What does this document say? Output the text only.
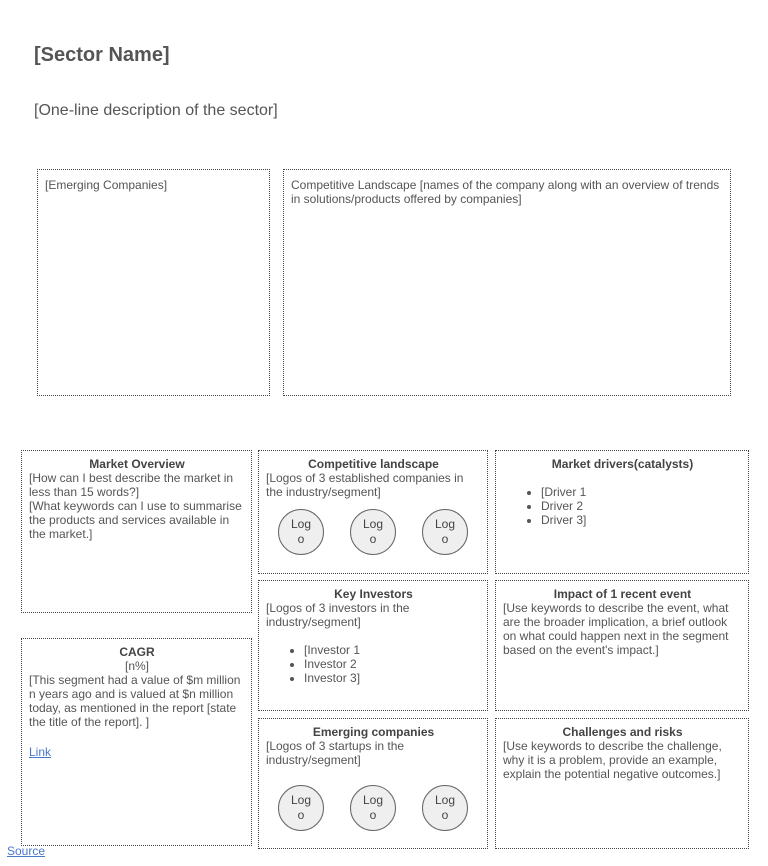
[Sector Name]
[One-line description of the sector]
[Emerging Companies]	Competitive Landscape [names of the company along with an overview of trends in solutions/products offered by companies]
Market Overview

[How can I best describe the market in less than 15 words?]

[What keywords can I use to summarise the products and services available in the market.]

CAGR
[n%]

[This segment had a value of $m million n years ago and is valued at $n million today, as mentioned in the report [state the title of the report]. ]

Link
Competitive landscape

[Logos of 3 established companies in the industry/segment]

Logo
Logo
Logo
Market drivers(catalysts)
• [Driver 1
• Driver 2
• Driver 3]
Key Investors

[Logos of 3 investors in the industry/segment]

• [Investor 1
• Investor 2
• Investor 3]
Impact of 1 recent event

[Use keywords to describe the event, what are the broader implication, a brief outlook on what could happen next in the segment based on the event's impact.]

Emerging companies

[Logos of 3 startups in the industry/segment]

Logo
Logo
Logo
Challenges and risks

[Use keywords to describe the challenge, why it is a problem, provide an example, explain the potential negative outcomes.]

Source
